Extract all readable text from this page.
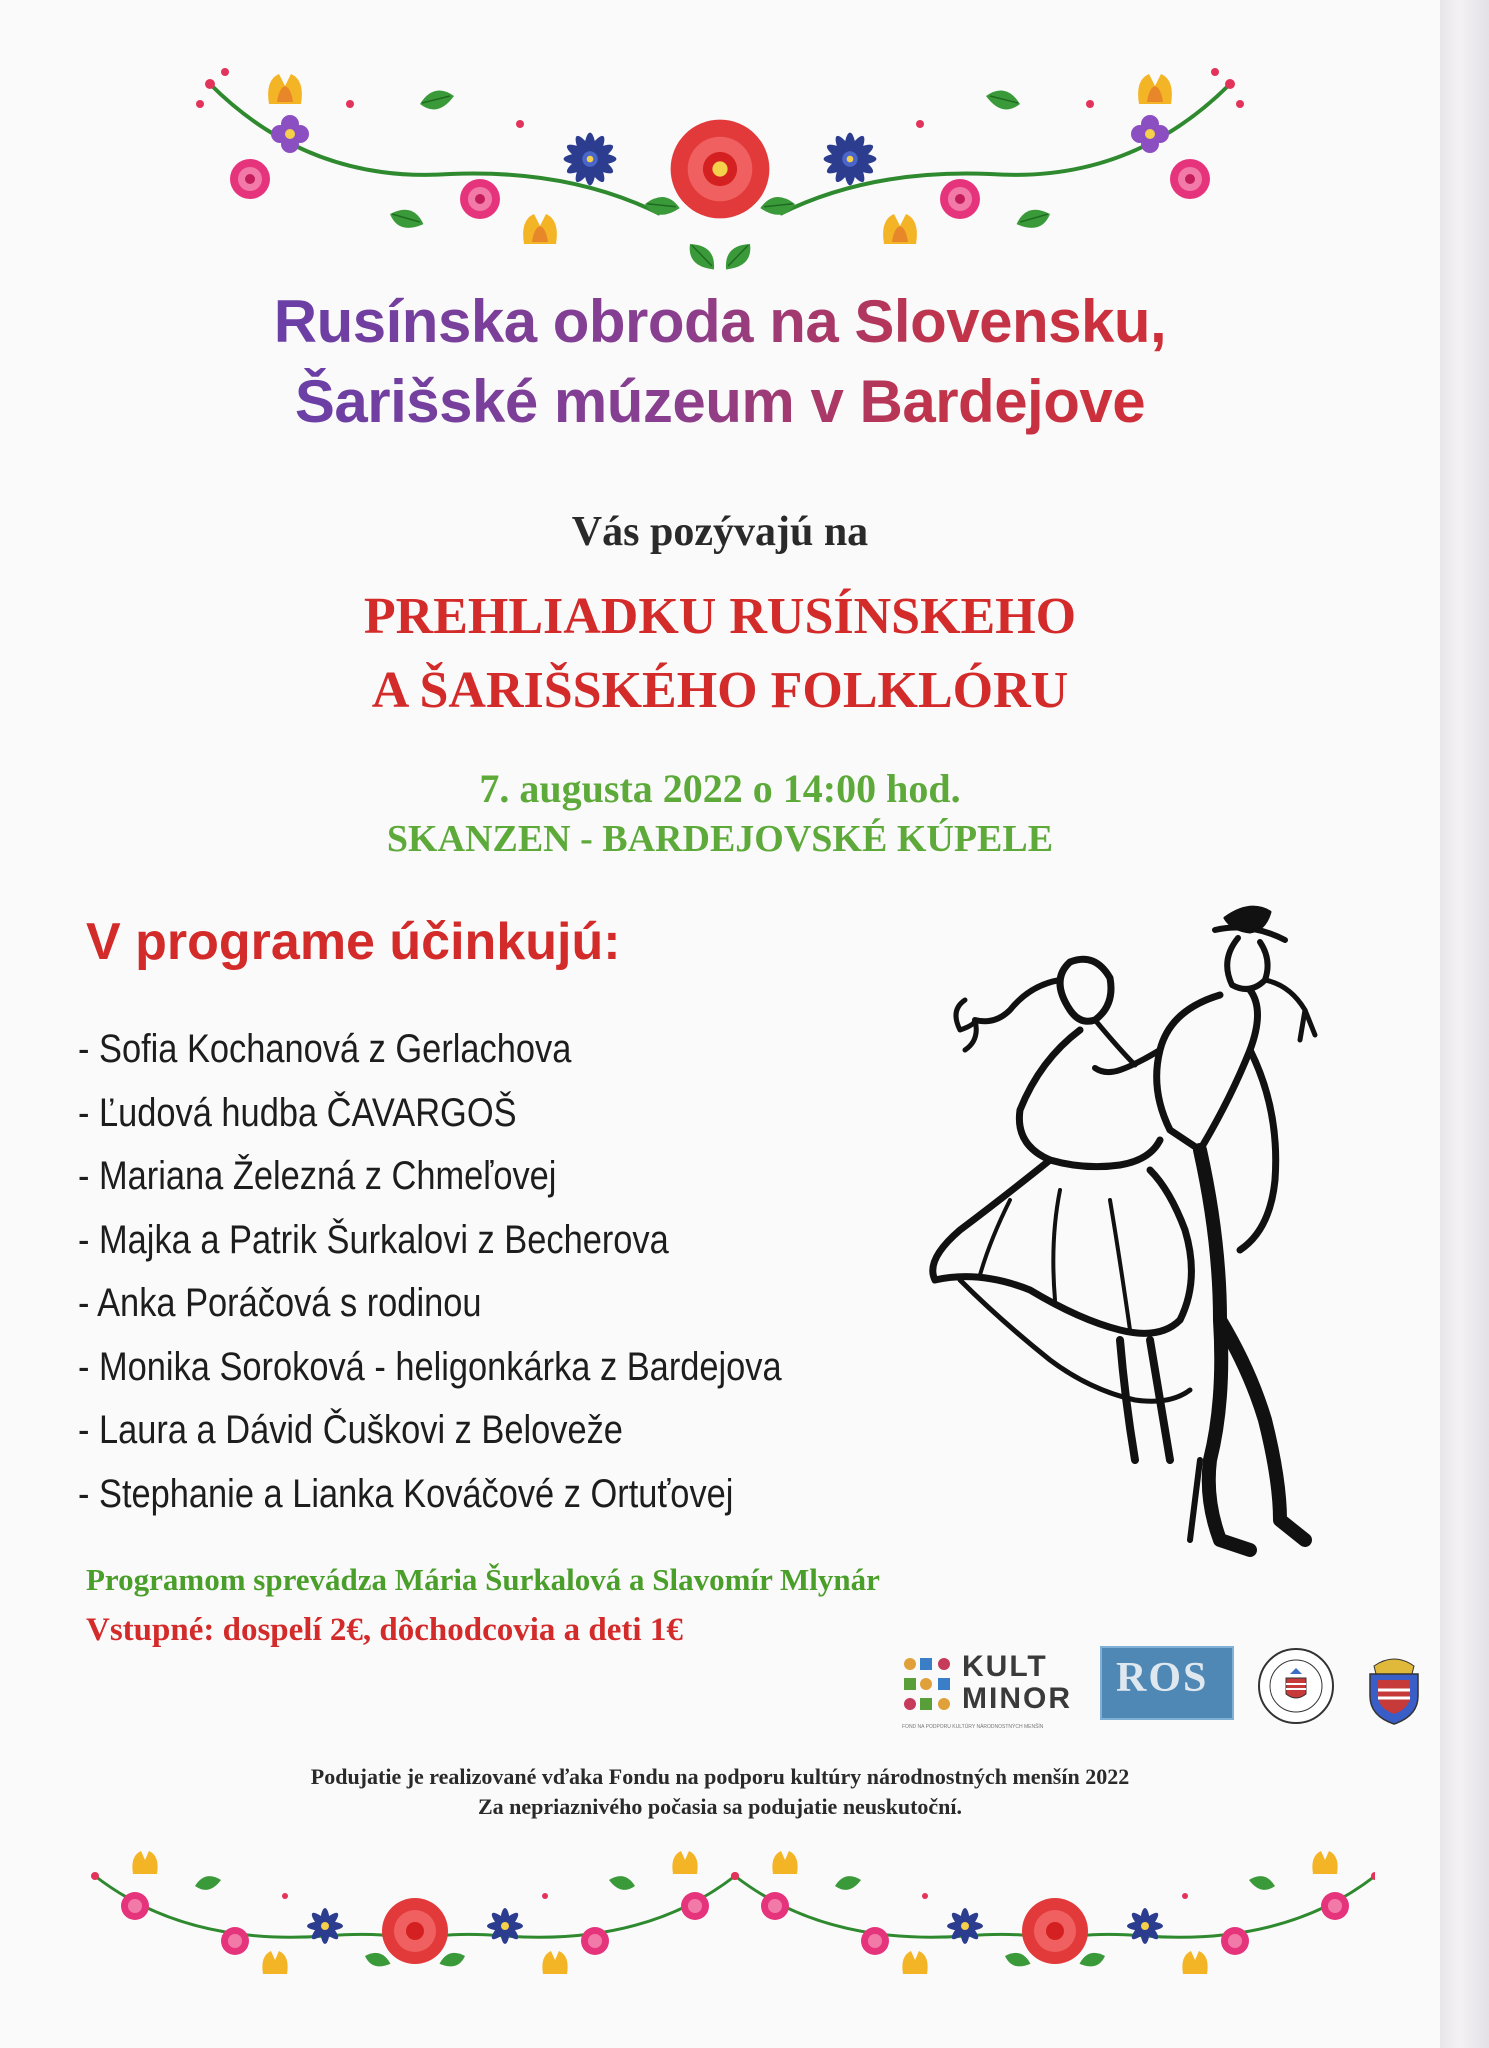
Rusínska obroda na Slovensku,
Šarišské múzeum v Bardejove
Vás pozývajú na
PREHLIADKU RUSÍNSKEHO
A ŠARIŠSKÉHO FOLKLÓRU
7. augusta 2022 o 14:00 hod.
SKANZEN - BARDEJOVSKÉ KÚPELE
V programe účinkujú:
- Sofia Kochanová z Gerlachova
- Ľudová hudba ČAVARGOŠ
- Mariana Železná z Chmeľovej
- Majka a Patrik Šurkalovi z Becherova
- Anka Poráčová s rodinou
- Monika Soroková - heligonkárka z Bardejova
- Laura a Dávid Čuškovi z Beloveže
- Stephanie a Lianka Kováčové z Ortuťovej
Programom sprevádza Mária Šurkalová a Slavomír Mlynár
Vstupné: dospelí 2€, dôchodcovia a deti 1€
KULT
MINOR
FOND NA PODPORU KULTÚRY NÁRODNOSTNÝCH MENŠÍN
ROS
Podujatie je realizované vďaka Fondu na podporu kultúry národnostných menšín 2022
Za nepriaznivého počasia sa podujatie neuskutoční.
